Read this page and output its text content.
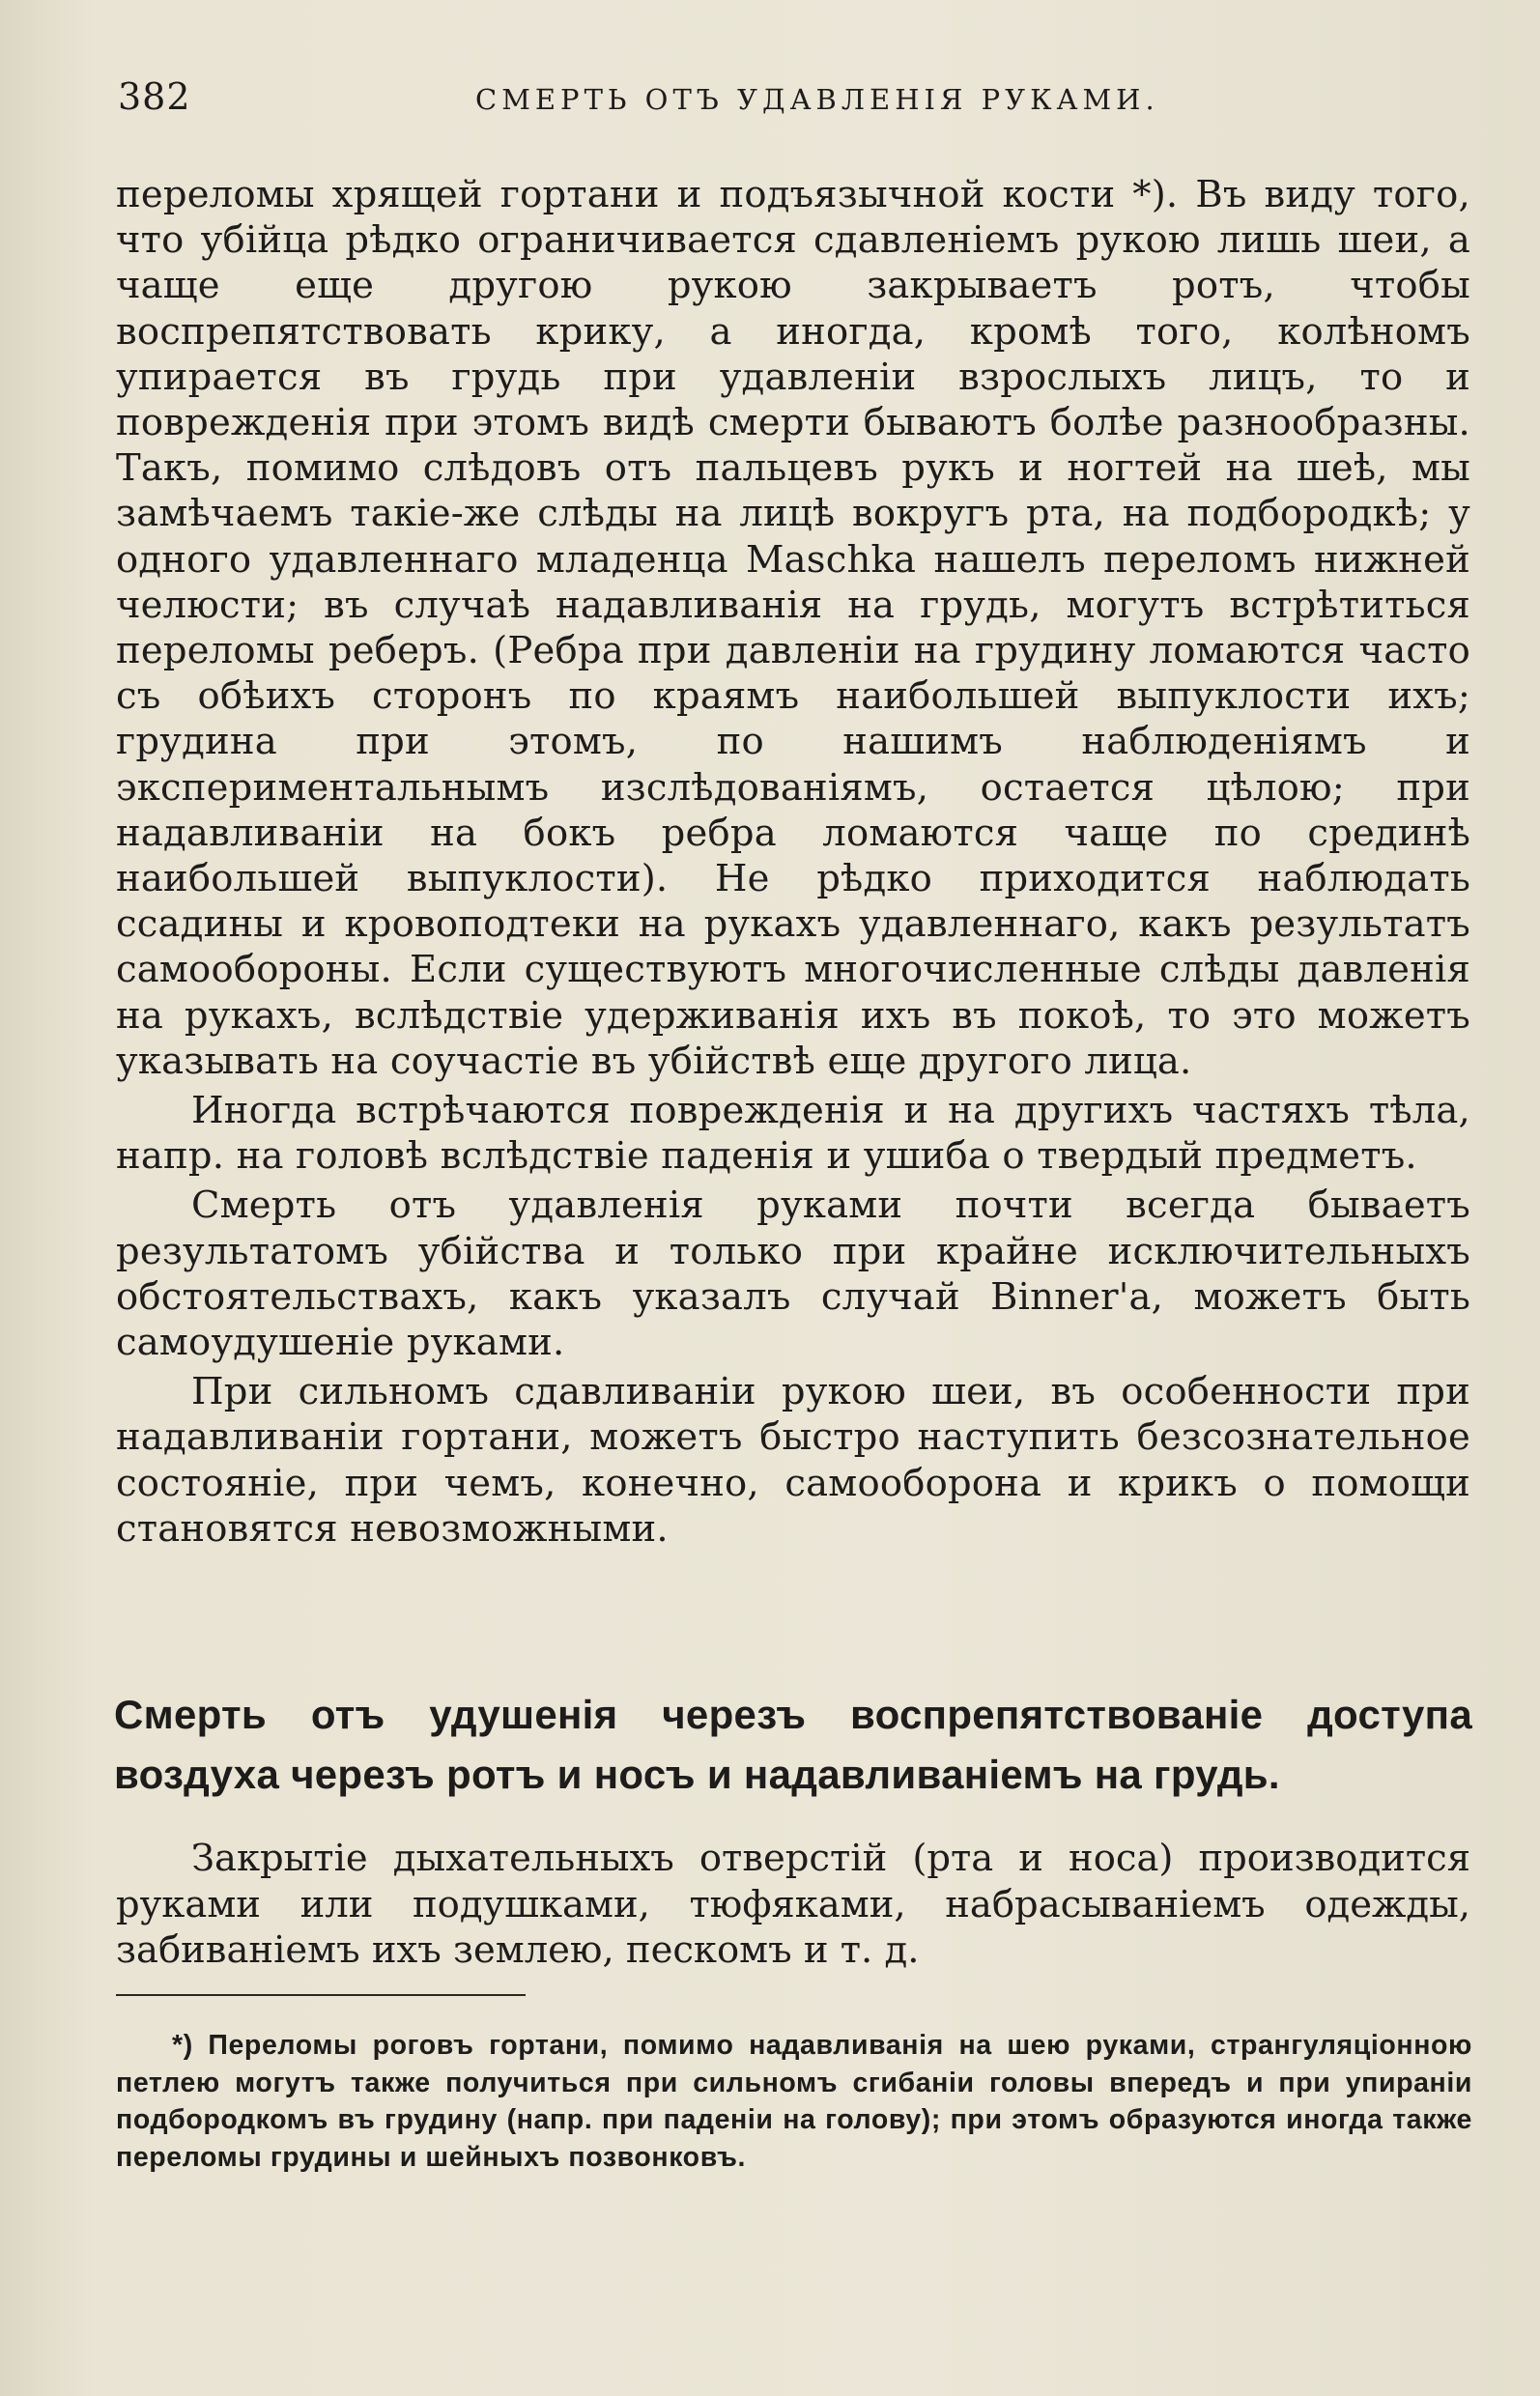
382	СМЕРТЬ ОТЪ УДАВЛЕНІЯ РУКАМИ.

переломы хрящей гортани и подъязычной кости *). Въ виду того, что убійца рѣдко ограничивается сдавленіемъ рукою лишь шеи, а чаще еще другою рукою закрываетъ ротъ, чтобы воспрепятствовать крику, а иногда, кромѣ того, колѣномъ упирается въ грудь при удавленіи взрослыхъ лицъ, то и поврежденія при этомъ видѣ смерти бываютъ болѣе разнообразны. Такъ, помимо слѣдовъ отъ пальцевъ рукъ и ногтей на шеѣ, мы замѣчаемъ такіе-же слѣды на лицѣ вокругъ рта, на подбородкѣ; у одного удавленнаго младенца Maschka нашелъ переломъ нижней челюсти; въ случаѣ надавливанія на грудь, могутъ встрѣтиться переломы реберъ. (Ребра при давленіи на грудину ломаются часто съ обѣихъ сторонъ по краямъ наибольшей выпуклости ихъ; грудина при этомъ, по нашимъ наблюденіямъ и экспериментальнымъ изслѣдованіямъ, остается цѣлою; при надавливаніи на бокъ ребра ломаются чаще по срединѣ наибольшей выпуклости). Не рѣдко приходится наблюдать ссадины и кровоподтеки на рукахъ удавленнаго, какъ результатъ самообороны. Если существуютъ многочисленные слѣды давленія на рукахъ, вслѣдствіе удерживанія ихъ въ покоѣ, то это можетъ указывать на соучастіе въ убійствѣ еще другого лица.

Иногда встрѣчаются поврежденія и на другихъ частяхъ тѣла, напр. на головѣ вслѣдствіе паденія и ушиба о твердый предметъ.

Смерть отъ удавленія руками почти всегда бываетъ результатомъ убійства и только при крайне исключительныхъ обстоятельствахъ, какъ указалъ случай Binner'a, можетъ быть самоудушеніе руками.

При сильномъ сдавливаніи рукою шеи, въ особенности при надавливаніи гортани, можетъ быстро наступить безсознательное состояніе, при чемъ, конечно, самооборона и крикъ о помощи становятся невозможными.

Смерть отъ удушенія черезъ воспрепятствованіе доступа воздуха черезъ ротъ и носъ и надавливаніемъ на грудь.

Закрытіе дыхательныхъ отверстій (рта и носа) производится руками или подушками, тюфяками, набрасываніемъ одежды, забиваніемъ ихъ землею, пескомъ и т. д.

*) Переломы роговъ гортани, помимо надавливанія на шею руками, странгуляціонною петлею могутъ также получиться при сильномъ сгибаніи головы впередъ и при упираніи подбородкомъ въ грудину (напр. при паденіи на голову); при этомъ образуются иногда также переломы грудины и шейныхъ позвонковъ.
